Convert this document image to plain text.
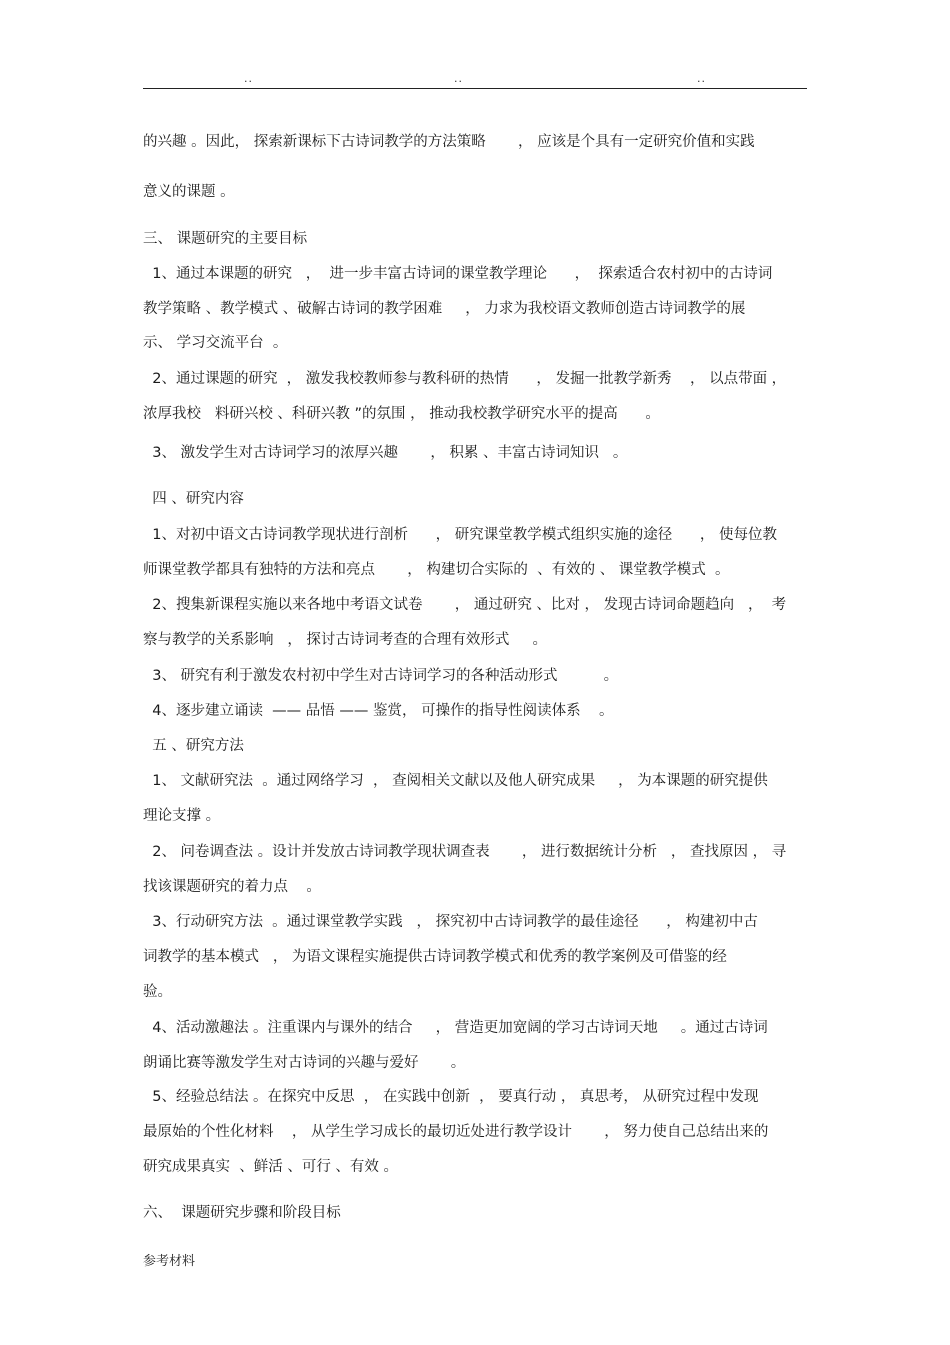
..	..	..
的兴趣 。因此， 探索新课标下古诗词教学的方法策略       ， 应该是个具有一定研究价值和实践
意义的课题 。
三、 课题研究的主要目标
1、通过本课题的研究   ，  进一步丰富古诗词的课堂教学理论      ，  探索适合农村初中的古诗词
教学策略 、教学模式 、破解古诗词的教学困难     ， 力求为我校语文教师创造古诗词教学的展
示、 学习交流平台  。
2、通过课题的研究  ， 激发我校教师参与教科研的热情      ， 发掘一批教学新秀    ， 以点带面 ，
浓厚我校   料研兴校 、科研兴教 ”的氛围 ， 推动我校教学研究水平的提高      。
3、 激发学生对古诗词学习的浓厚兴趣       ， 积累 、丰富古诗词知识   。
四 、研究内容
1、对初中语文古诗词教学现状进行剖析      ， 研究课堂教学模式组织实施的途径      ， 使每位教
师课堂教学都具有独特的方法和亮点       ， 构建切合实际的  、有效的 、 课堂教学模式  。
2、搜集新课程实施以来各地中考语文试卷       ， 通过研究 、比对 ， 发现古诗词命题趋向   ，  考
察与教学的关系影响   ， 探讨古诗词考查的合理有效形式     。
3、 研究有利于激发农村初中学生对古诗词学习的各种活动形式          。
4、逐步建立诵读  —— 品悟 —— 鉴赏， 可操作的指导性阅读体系    。
五 、研究方法
1、 文献研究法  。通过网络学习  ， 查阅相关文献以及他人研究成果     ， 为本课题的研究提供
理论支撑 。
2、 问卷调查法 。设计并发放古诗词教学现状调查表       ， 进行数据统计分析   ， 查找原因 ， 寻
找该课题研究的着力点    。
3、行动研究方法  。通过课堂教学实践   ， 探究初中古诗词教学的最佳途径      ， 构建初中古
词教学的基本模式   ， 为语文课程实施提供古诗词教学模式和优秀的教学案例及可借鉴的经
验。
4、活动激趣法 。注重课内与课外的结合     ， 营造更加宽阔的学习古诗词天地     。通过古诗词
朗诵比赛等激发学生对古诗词的兴趣与爱好       。
5、经验总结法 。在探究中反思  ， 在实践中创新  ， 要真行动 ， 真思考， 从研究过程中发现
最原始的个性化材料    ， 从学生学习成长的最切近处进行教学设计       ， 努力使自己总结出来的
研究成果真实  、鲜活 、可行 、有效 。
六、  课题研究步骤和阶段目标
参考材料
